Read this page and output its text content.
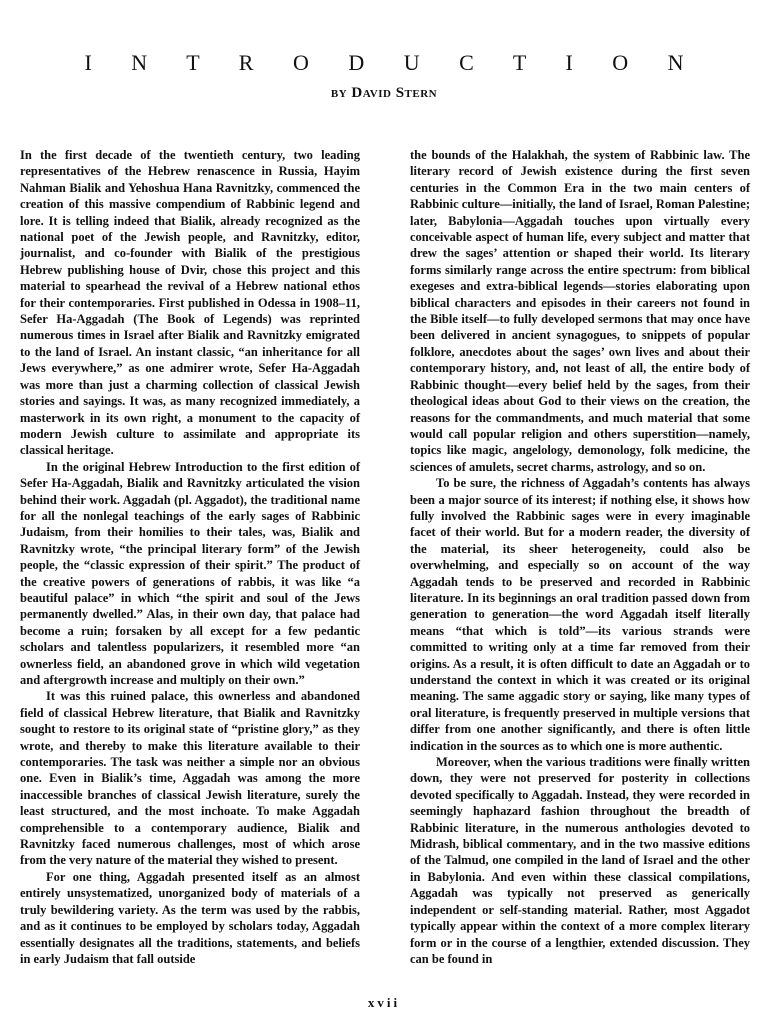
I N T R O D U C T I O N
by David Stern

In the first decade of the twentieth century, two leading representatives of the Hebrew renascence in Russia, Hayim Nahman Bialik and Yehoshua Hana Ravnitzky, commenced the creation of this massive compendium of Rabbinic legend and lore. It is telling indeed that Bialik, already recognized as the national poet of the Jewish people, and Ravnitzky, editor, journalist, and co-founder with Bialik of the prestigious Hebrew publishing house of Dvir, chose this project and this material to spearhead the revival of a Hebrew national ethos for their contemporaries. First published in Odessa in 1908–11, Sefer Ha-Aggadah (The Book of Legends) was reprinted numerous times in Israel after Bialik and Ravnitzky emigrated to the land of Israel. An instant classic, “an inheritance for all Jews everywhere,” as one admirer wrote, Sefer Ha-Aggadah was more than just a charming collection of classical Jewish stories and sayings. It was, as many recognized immediately, a masterwork in its own right, a monument to the capacity of modern Jewish culture to assimilate and appropriate its classical heritage.

In the original Hebrew Introduction to the first edition of Sefer Ha-Aggadah, Bialik and Ravnitzky articulated the vision behind their work. Aggadah (pl. Aggadot), the traditional name for all the nonlegal teachings of the early sages of Rabbinic Judaism, from their homilies to their tales, was, Bialik and Ravnitzky wrote, “the principal literary form” of the Jewish people, the “classic expression of their spirit.” The product of the creative powers of generations of rabbis, it was like “a beautiful palace” in which “the spirit and soul of the Jews permanently dwelled.” Alas, in their own day, that palace had become a ruin; forsaken by all except for a few pedantic scholars and talentless popularizers, it resembled more “an ownerless field, an abandoned grove in which wild vegetation and aftergrowth increase and multiply on their own.”

It was this ruined palace, this ownerless and abandoned field of classical Hebrew literature, that Bialik and Ravnitzky sought to restore to its original state of “pristine glory,” as they wrote, and thereby to make this literature available to their contemporaries. The task was neither a simple nor an obvious one. Even in Bialik’s time, Aggadah was among the more inaccessible branches of classical Jewish literature, surely the least structured, and the most inchoate. To make Aggadah comprehensible to a contemporary audience, Bialik and Ravnitzky faced numerous challenges, most of which arose from the very nature of the material they wished to present.

For one thing, Aggadah presented itself as an almost entirely unsystematized, unorganized body of materials of a truly bewildering variety. As the term was used by the rabbis, and as it continues to be employed by scholars today, Aggadah essentially designates all the traditions, statements, and beliefs in early Judaism that fall outside

the bounds of the Halakhah, the system of Rabbinic law. The literary record of Jewish existence during the first seven centuries in the Common Era in the two main centers of Rabbinic culture—initially, the land of Israel, Roman Palestine; later, Babylonia—Aggadah touches upon virtually every conceivable aspect of human life, every subject and matter that drew the sages’ attention or shaped their world. Its literary forms similarly range across the entire spectrum: from biblical exegeses and extra-biblical legends—stories elaborating upon biblical characters and episodes in their careers not found in the Bible itself—to fully developed sermons that may once have been delivered in ancient synagogues, to snippets of popular folklore, anecdotes about the sages’ own lives and about their contemporary history, and, not least of all, the entire body of Rabbinic thought—every belief held by the sages, from their theological ideas about God to their views on the creation, the reasons for the commandments, and much material that some would call popular religion and others superstition—namely, topics like magic, angelology, demonology, folk medicine, the sciences of amulets, secret charms, astrology, and so on.

To be sure, the richness of Aggadah’s contents has always been a major source of its interest; if nothing else, it shows how fully involved the Rabbinic sages were in every imaginable facet of their world. But for a modern reader, the diversity of the material, its sheer heterogeneity, could also be overwhelming, and especially so on account of the way Aggadah tends to be preserved and recorded in Rabbinic literature. In its beginnings an oral tradition passed down from generation to generation—the word Aggadah itself literally means “that which is told”—its various strands were committed to writing only at a time far removed from their origins. As a result, it is often difficult to date an Aggadah or to understand the context in which it was created or its original meaning. The same aggadic story or saying, like many types of oral literature, is frequently preserved in multiple versions that differ from one another significantly, and there is often little indication in the sources as to which one is more authentic.

Moreover, when the various traditions were finally written down, they were not preserved for posterity in collections devoted specifically to Aggadah. Instead, they were recorded in seemingly haphazard fashion throughout the breadth of Rabbinic literature, in the numerous anthologies devoted to Midrash, biblical commentary, and in the two massive editions of the Talmud, one compiled in the land of Israel and the other in Babylonia. And even within these classical compilations, Aggadah was typically not preserved as generically independent or self-standing material. Rather, most Aggadot typically appear within the context of a more complex literary form or in the course of a lengthier, extended discussion. They can be found in

xvii
